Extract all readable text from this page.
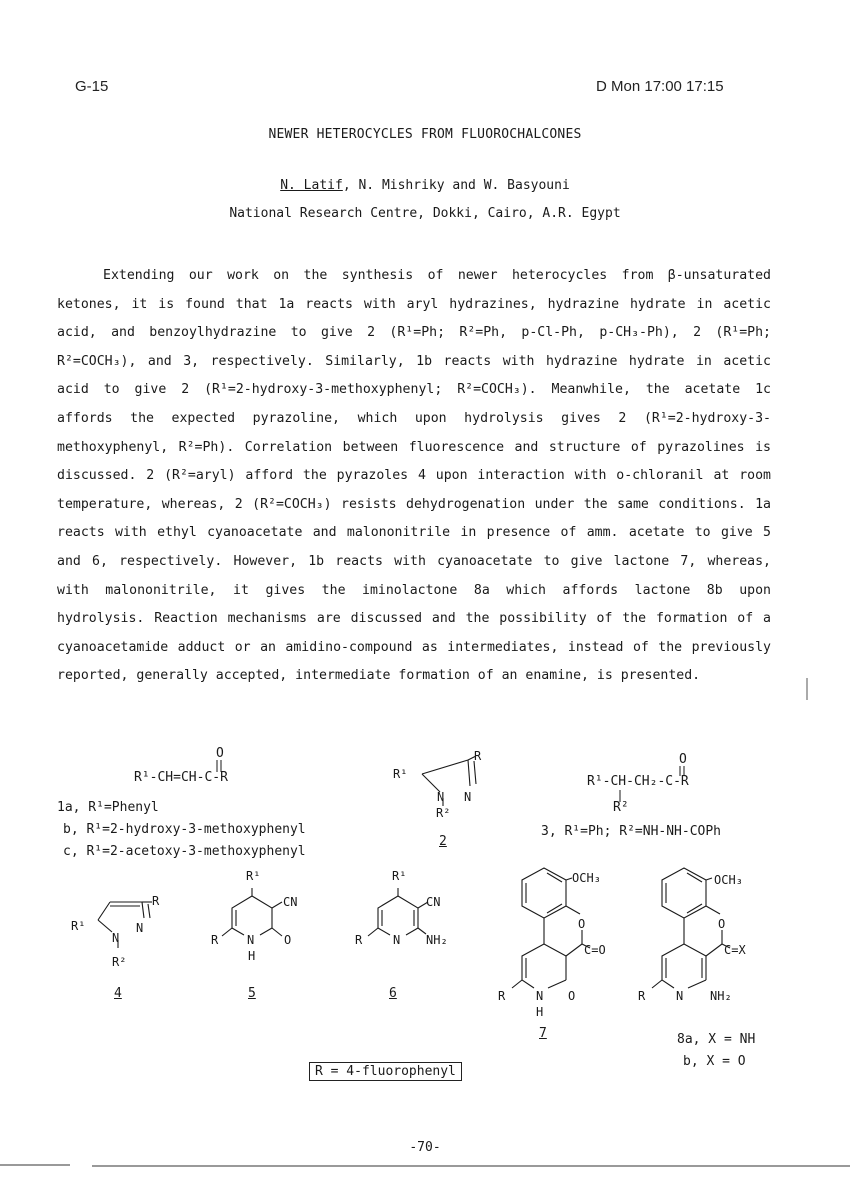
G-15	D Mon 17:00 17:15
NEWER HETEROCYCLES FROM FLUOROCHALCONES
N. Latif, N. Mishriky and W. Basyouni
National Research Centre, Dokki, Cairo, A.R. Egypt

Extending our work on the synthesis of newer heterocycles from β-unsaturated ketones, it is found that 1a reacts with aryl hydrazines, hydrazine hydrate in acetic acid, and benzoylhydrazine to give 2 (R¹=Ph; R²=Ph, p-Cl-Ph, p-CH₃-Ph), 2 (R¹=Ph; R²=COCH₃), and 3, respectively. Similarly, 1b reacts with hydrazine hydrate in acetic acid to give 2 (R¹=2-hydroxy-3-methoxyphenyl; R²=COCH₃). Meanwhile, the acetate 1c affords the expected pyrazoline, which upon hydrolysis gives 2 (R¹=2-hydroxy-3-methoxyphenyl, R²=Ph). Correlation between fluorescence and structure of pyrazolines is discussed. 2 (R²=aryl) afford the pyrazoles 4 upon interaction with o-chloranil at room temperature, whereas, 2 (R²=COCH₃) resists dehydrogenation under the same conditions. 1a reacts with ethyl cyanoacetate and malononitrile in presence of amm. acetate to give 5 and 6, respectively. However, 1b reacts with cyanoacetate to give lactone 7, whereas, with malononitrile, it gives the iminolactone 8a which affords lactone 8b upon hydrolysis. Reaction mechanisms are discussed and the possibility of the formation of a cyanoacetamide adduct or an amidino-compound as intermediates, instead of the previously reported, generally accepted, intermediate formation of an enamine, is presented.

O
R¹-CH=CH-C-R
1a, R¹=Phenyl
b, R¹=2-hydroxy-3-methoxyphenyl
c, R¹=2-acetoxy-3-methoxyphenyl
R¹
R
N N
R²
2
O
R¹-CH-CH₂-C-R
R²
3, R¹=Ph; R²=NH-NH-COPh
R¹
R
N
N
R²
4
R¹
CN
O
N
H
R
5
R¹
CN
NH₂
N
R
6
OCH₃
O
C=O
O
N
H
R
7
OCH₃
O
C=X
NH₂
N
R
8a, X = NH
b, X = O
R = 4-fluorophenyl
-70-
